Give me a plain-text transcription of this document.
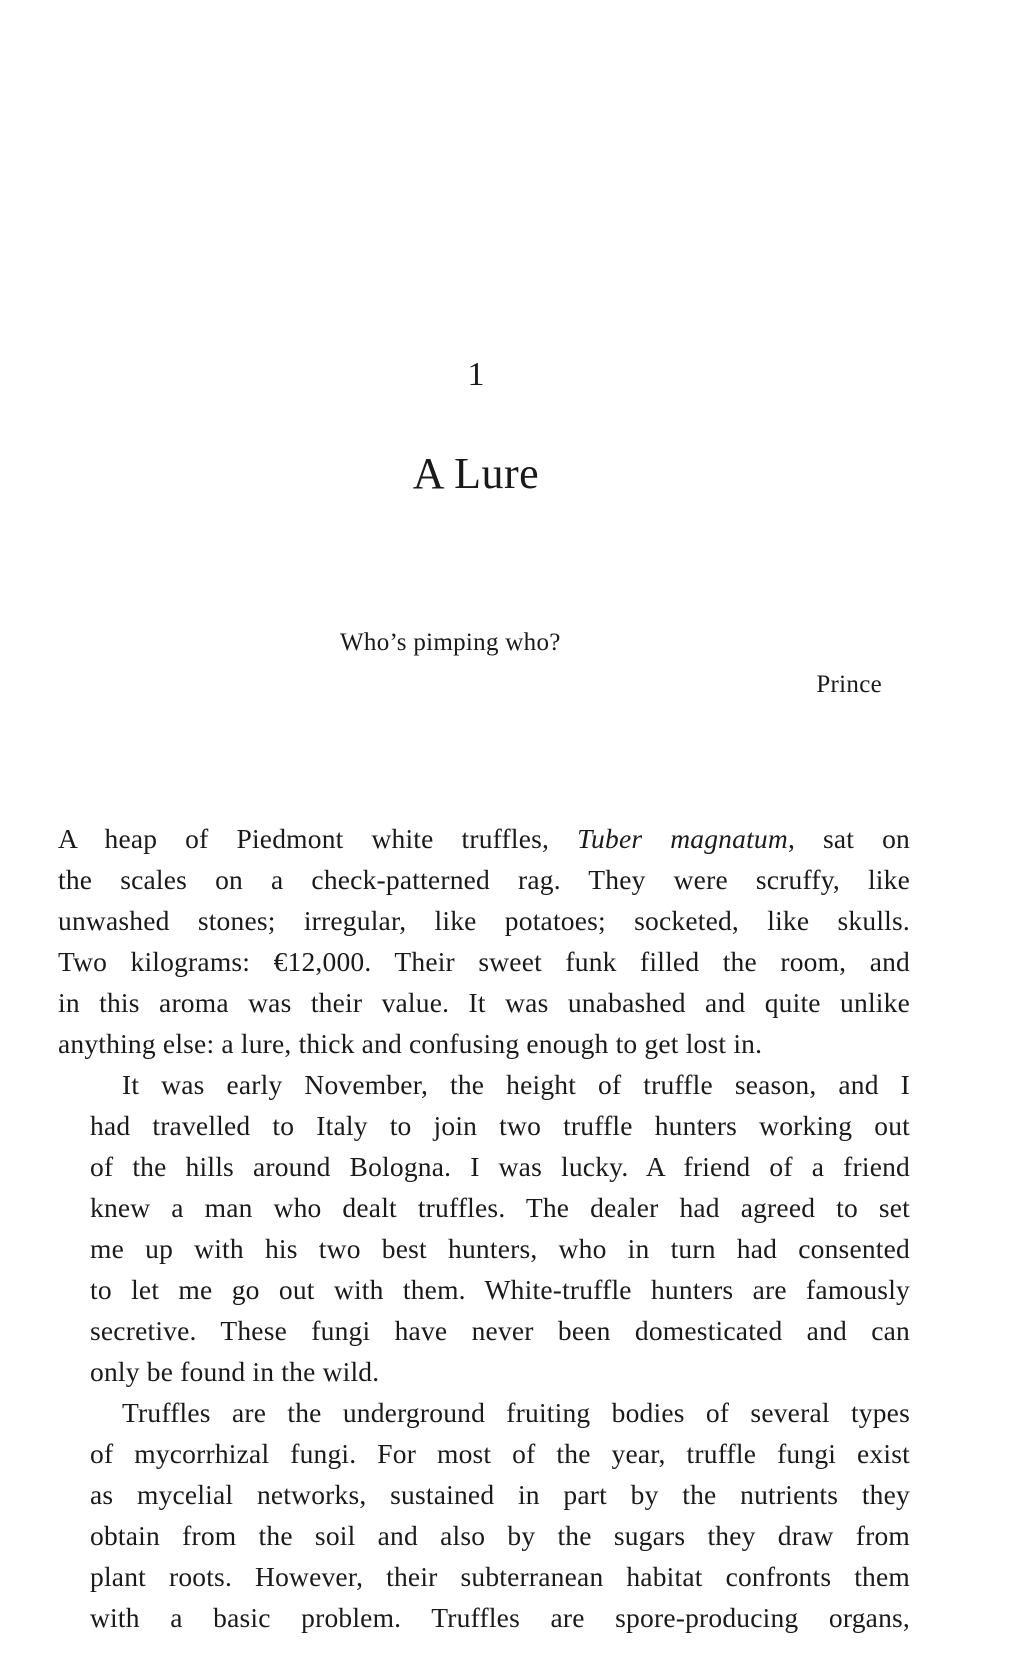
1
A Lure
Who’s pimping who?
Prince

A heap of Piedmont white truffles, Tuber magnatum, sat on
the scales on a check-patterned rag. They were scruffy, like
unwashed stones; irregular, like potatoes; socketed, like skulls.
Two kilograms: €12,000. Their sweet funk filled the room, and
in this aroma was their value. It was unabashed and quite unlike
anything else: a lure, thick and confusing enough to get lost in.

It was early November, the height of truffle season, and I
had travelled to Italy to join two truffle hunters working out
of the hills around Bologna. I was lucky. A friend of a friend
knew a man who dealt truffles. The dealer had agreed to set
me up with his two best hunters, who in turn had consented
to let me go out with them. White-truffle hunters are famously
secretive. These fungi have never been domesticated and can
only be found in the wild.

Truffles are the underground fruiting bodies of several types
of mycorrhizal fungi. For most of the year, truffle fungi exist
as mycelial networks, sustained in part by the nutrients they
obtain from the soil and also by the sugars they draw from
plant roots. However, their subterranean habitat confronts them
with a basic problem. Truffles are spore-producing organs,
